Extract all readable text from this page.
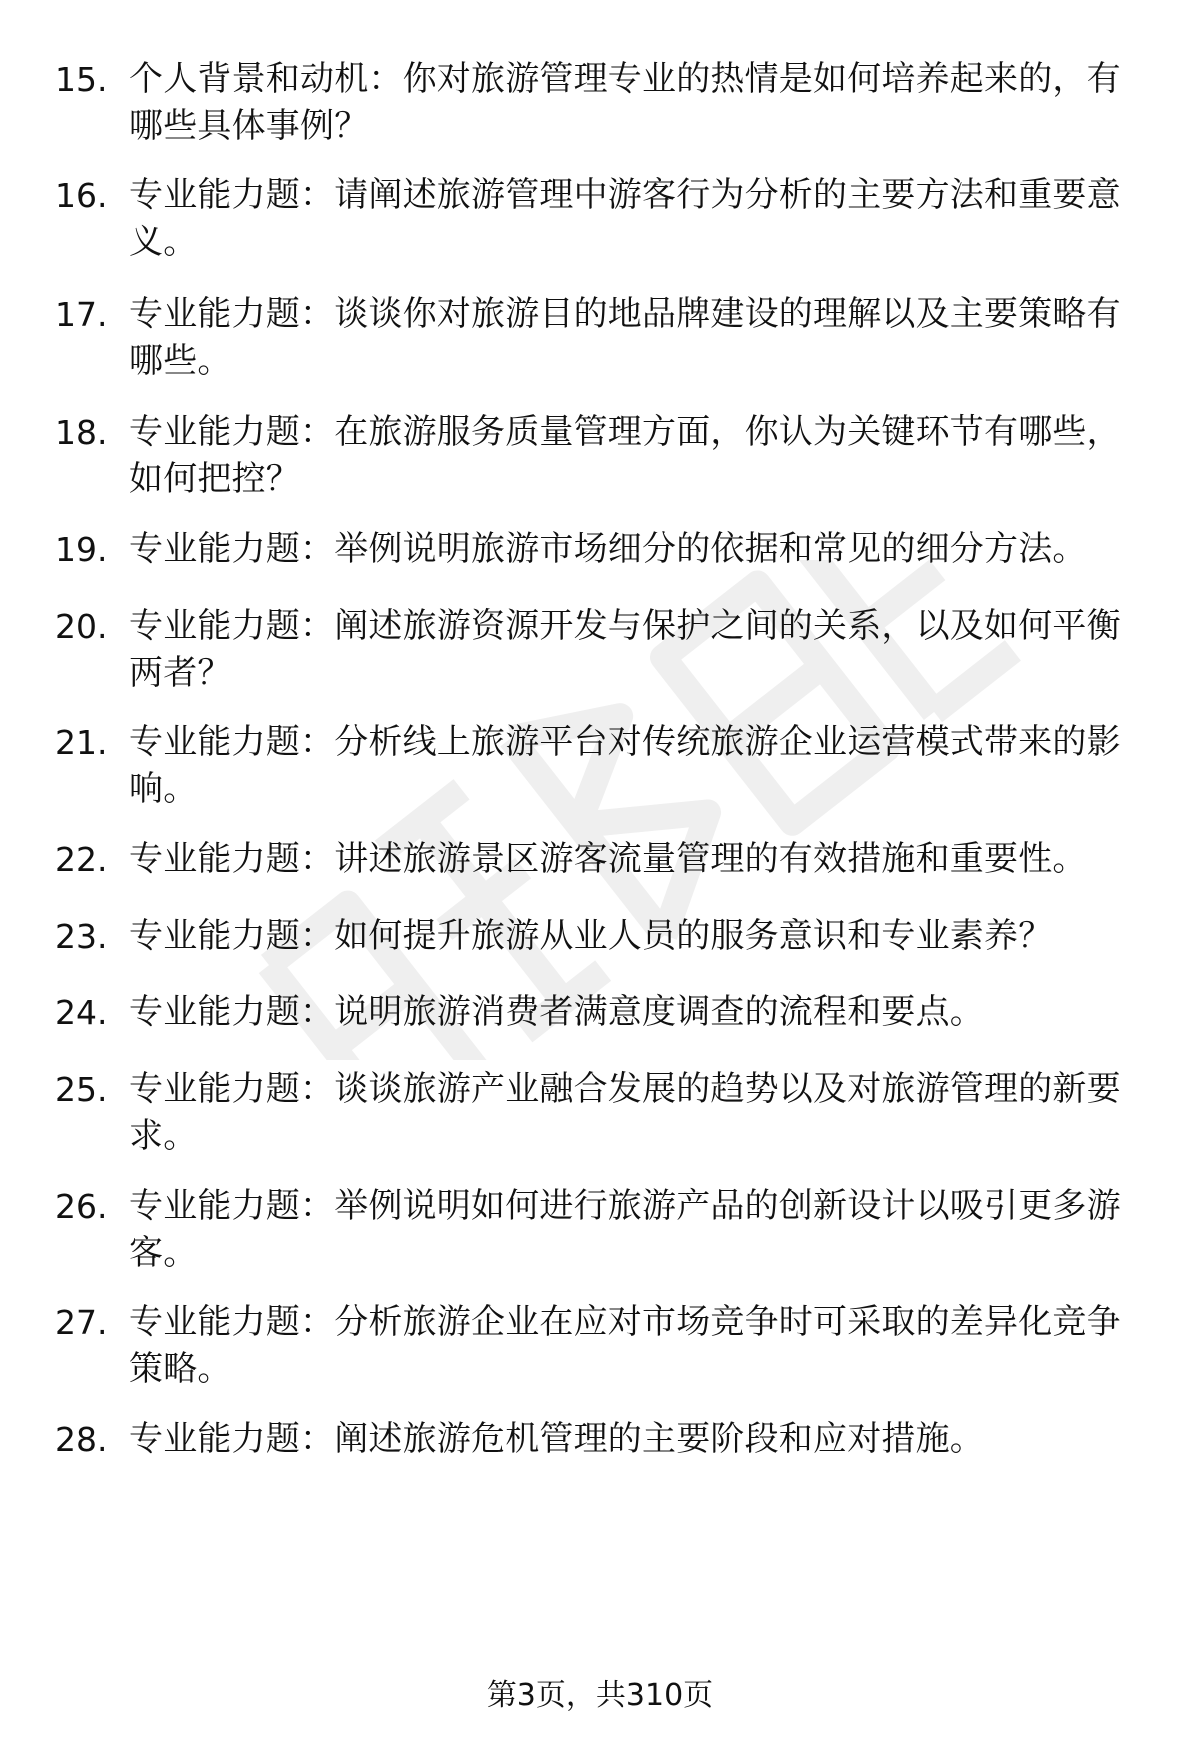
15. 个人背景和动机：你对旅游管理专业的热情是如何培养起来的，有哪些具体事例？
16. 专业能力题：请阐述旅游管理中游客行为分析的主要方法和重要意义。
17. 专业能力题：谈谈你对旅游目的地品牌建设的理解以及主要策略有哪些。
18. 专业能力题：在旅游服务质量管理方面，你认为关键环节有哪些，如何把控？
19. 专业能力题：举例说明旅游市场细分的依据和常见的细分方法。
20. 专业能力题：阐述旅游资源开发与保护之间的关系，以及如何平衡两者？
21. 专业能力题：分析线上旅游平台对传统旅游企业运营模式带来的影响。
22. 专业能力题：讲述旅游景区游客流量管理的有效措施和重要性。
23. 专业能力题：如何提升旅游从业人员的服务意识和专业素养？
24. 专业能力题：说明旅游消费者满意度调查的流程和要点。
25. 专业能力题：谈谈旅游产业融合发展的趋势以及对旅游管理的新要求。
26. 专业能力题：举例说明如何进行旅游产品的创新设计以吸引更多游客。
27. 专业能力题：分析旅游企业在应对市场竞争时可采取的差异化竞争策略。
28. 专业能力题：阐述旅游危机管理的主要阶段和应对措施。
第3页，共310页
